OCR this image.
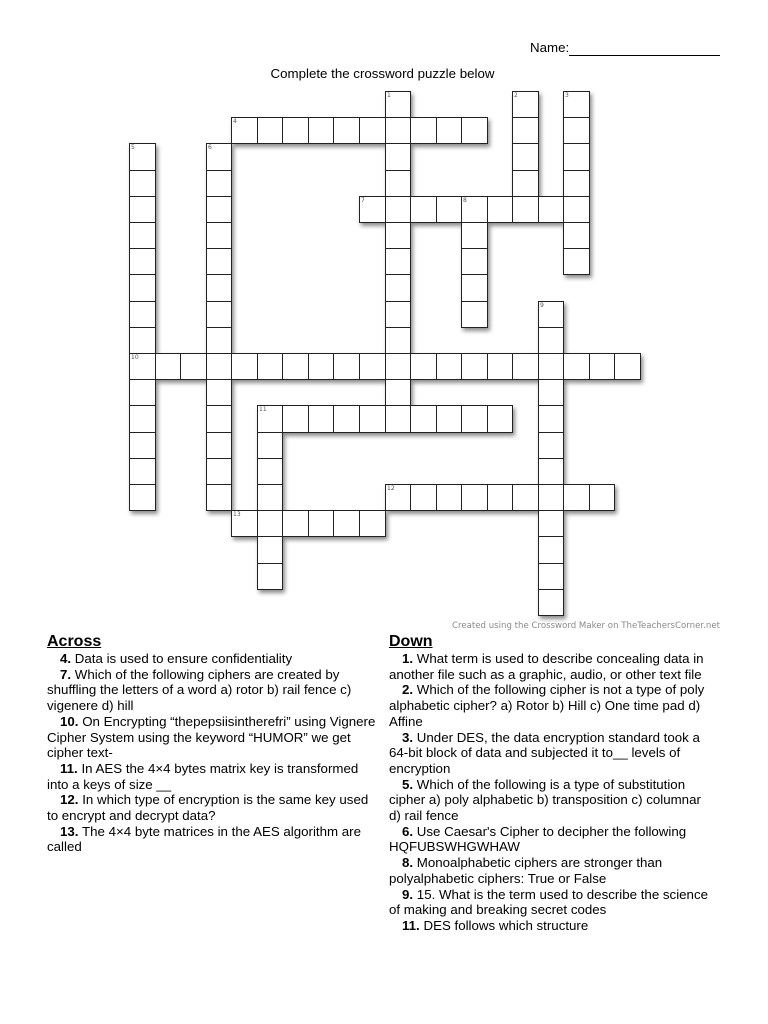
Name:
Complete the crossword puzzle below
1	2	3
4
5
10
6
7	8
9
11
12
13
Created using the Crossword Maker on TheTeachersCorner.net
Across	Down

4. Data is used to ensure confidentiality

7. Which of the following ciphers are created by shuffling the letters of a word a) rotor b) rail fence c) vigenere d) hill

10. On Encrypting “thepepsiisintherefri” using Vignere Cipher System using the keyword “HUMOR” we get cipher text-

11. In AES the 4×4 bytes matrix key is transformed into a keys of size __

12. In which type of encryption is the same key used to encrypt and decrypt data?

13. The 4×4 byte matrices in the AES algorithm are called

1. What term is used to describe concealing data in another file such as a graphic, audio, or other text file

2. Which of the following cipher is not a type of poly alphabetic cipher? a) Rotor b) Hill c) One time pad d) Affine

3. Under DES, the data encryption standard took a 64-bit block of data and subjected it to__ levels of encryption

5. Which of the following is a type of substitution cipher a) poly alphabetic b) transposition c) columnar d) rail fence

6. Use Caesar's Cipher to decipher the following HQFUBSWHGWHAW

8. Monoalphabetic ciphers are stronger than polyalphabetic ciphers: True or False

9. 15. What is the term used to describe the science of making and breaking secret codes

11. DES follows which structure
